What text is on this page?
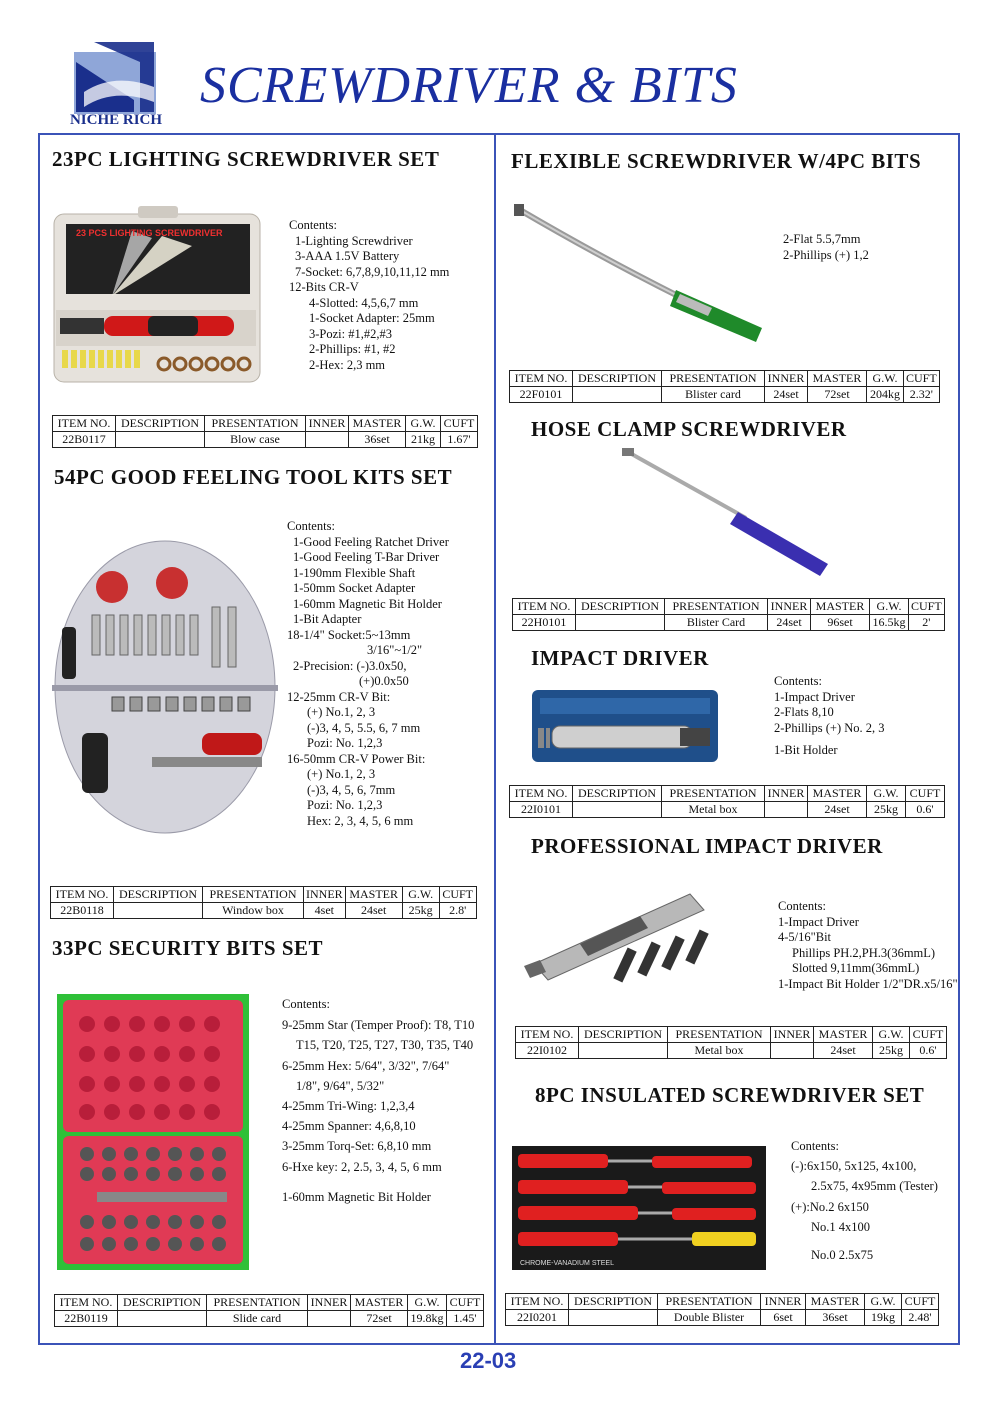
NICHE RICH
SCREWDRIVER & BITS
23PC LIGHTING SCREWDRIVER SET
23 PCS LIGHTING SCREWDRIVER
Contents:
1-Lighting Screwdriver
3-AAA 1.5V Battery
7-Socket: 6,7,8,9,10,11,12 mm
12-Bits CR-V
4-Slotted: 4,5,6,7 mm
1-Socket Adapter: 25mm
3-Pozi: #1,#2,#3
2-Phillips: #1, #2
2-Hex: 2,3 mm
ITEM NO.	DESCRIPTION	PRESENTATION	INNER	MASTER	G.W.	CUFT
22B0117		Blow case		36set	21kg	1.67'
54PC GOOD FEELING TOOL KITS SET
Contents:
1-Good Feeling Ratchet Driver
1-Good Feeling T-Bar Driver
1-190mm Flexible Shaft
1-50mm Socket Adapter
1-60mm Magnetic Bit Holder
1-Bit Adapter
18-1/4" Socket:5~13mm
3/16"~1/2"
2-Precision: (-)3.0x50,
(+)0.0x50
12-25mm CR-V Bit:
(+) No.1, 2, 3
(-)3, 4, 5, 5.5, 6, 7 mm
Pozi: No. 1,2,3
16-50mm CR-V Power Bit:
(+) No.1, 2, 3
(-)3, 4, 5, 6, 7mm
Pozi: No. 1,2,3
Hex: 2, 3, 4, 5, 6 mm
ITEM NO.	DESCRIPTION	PRESENTATION	INNER	MASTER	G.W.	CUFT
22B0118		Window box	4set	24set	25kg	2.8'
33PC SECURITY BITS SET
Contents:
9-25mm Star (Temper Proof): T8, T10
T15, T20, T25, T27, T30, T35, T40
6-25mm Hex: 5/64", 3/32", 7/64"
1/8", 9/64", 5/32"
4-25mm Tri-Wing: 1,2,3,4
4-25mm Spanner: 4,6,8,10
3-25mm Torq-Set: 6,8,10 mm
6-Hxe key: 2, 2.5, 3, 4, 5, 6 mm
1-60mm Magnetic Bit Holder
ITEM NO.	DESCRIPTION	PRESENTATION	INNER	MASTER	G.W.	CUFT
22B0119		Slide card		72set	19.8kg	1.45'
FLEXIBLE SCREWDRIVER W/4PC BITS
2-Flat 5.5,7mm
2-Phillips (+) 1,2
ITEM NO.	DESCRIPTION	PRESENTATION	INNER	MASTER	G.W.	CUFT
22F0101		Blister card	24set	72set	204kg	2.32'
HOSE CLAMP SCREWDRIVER
ITEM NO.	DESCRIPTION	PRESENTATION	INNER	MASTER	G.W.	CUFT
22H0101		Blister Card	24set	96set	16.5kg	2'
IMPACT DRIVER
Contents:
1-Impact Driver
2-Flats 8,10
2-Phillips (+) No. 2, 3
1-Bit Holder
ITEM NO.	DESCRIPTION	PRESENTATION	INNER	MASTER	G.W.	CUFT
22I0101		Metal box		24set	25kg	0.6'
PROFESSIONAL IMPACT DRIVER
Contents:
1-Impact Driver
4-5/16"Bit
Phillips PH.2,PH.3(36mmL)
Slotted 9,11mm(36mmL)
1-Impact Bit Holder 1/2"DR.x5/16"
ITEM NO.	DESCRIPTION	PRESENTATION	INNER	MASTER	G.W.	CUFT
22I0102		Metal box		24set	25kg	0.6'
8PC INSULATED SCREWDRIVER SET
CHROME-VANADIUM STEEL
Contents:
(-):6x150, 5x125, 4x100,
2.5x75, 4x95mm (Tester)
(+):No.2 6x150
No.1 4x100
No.0 2.5x75
ITEM NO.	DESCRIPTION	PRESENTATION	INNER	MASTER	G.W.	CUFT
22I0201		Double Blister	6set	36set	19kg	2.48'
22-03
